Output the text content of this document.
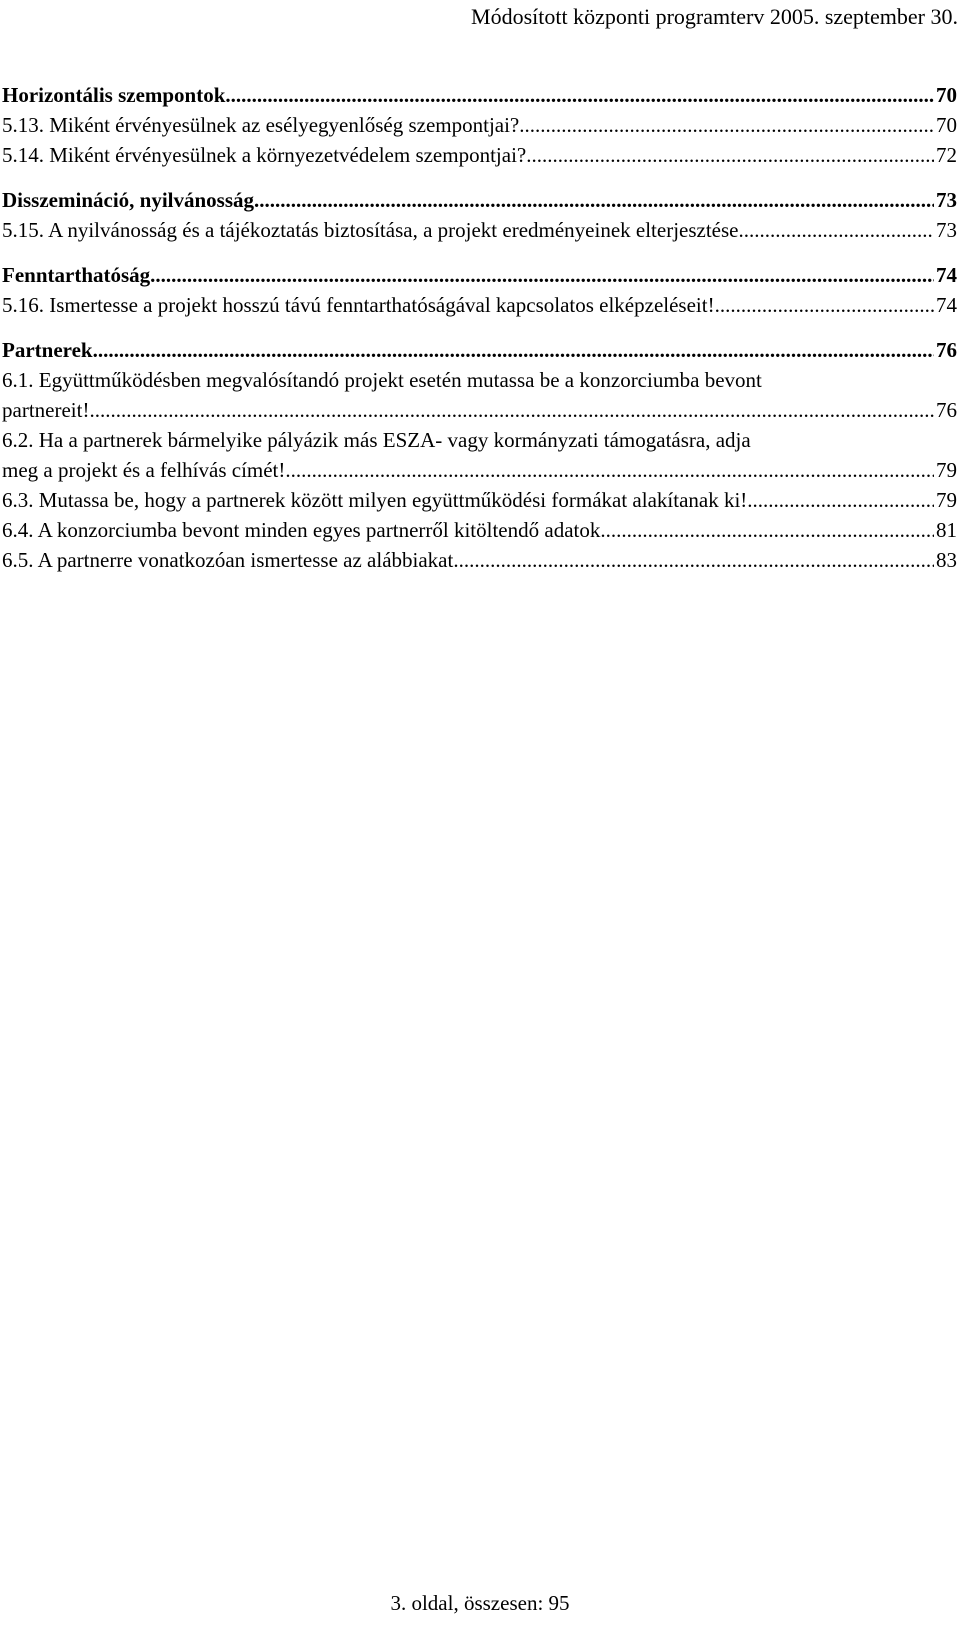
Módosított központi programterv 2005. szeptember 30.
Horizontális szempontok .....	70
5.13. Miként érvényesülnek az esélyegyenlőség szempontjai? .....	70
5.14. Miként érvényesülnek a környezetvédelem szempontjai? .....	72
Disszemináció, nyilvánosság .....	73
5.15. A nyilvánosság és a tájékoztatás biztosítása, a projekt eredményeinek elterjesztése .....	73
Fenntarthatóság .....	74
5.16. Ismertesse a projekt hosszú távú fenntarthatóságával kapcsolatos elképzeléseit! .....	74
Partnerek .....	76
6.1. Együttműködésben megvalósítandó projekt esetén mutassa be a konzorciumba bevont
partnereit! .....	76
6.2. Ha a partnerek bármelyike pályázik más ESZA- vagy kormányzati támogatásra, adja
meg a projekt és a felhívás címét! .....	79
6.3. Mutassa be, hogy a partnerek között milyen együttműködési formákat alakítanak ki! .....	79
6.4. A konzorciumba bevont minden egyes partnerről kitöltendő adatok .....	81
6.5. A partnerre vonatkozóan ismertesse az alábbiakat .....	83
3. oldal, összesen: 95
